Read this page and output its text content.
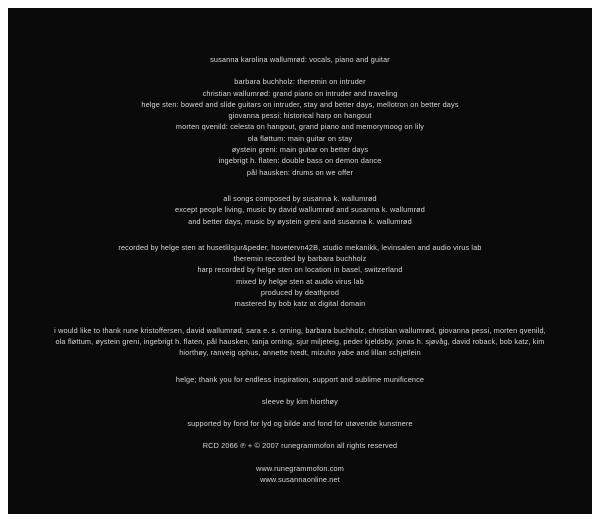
susanna karolina wallumrød: vocals, piano and guitar
barbara buchholz: theremin on intruder
christian wallumrød: grand piano on intruder and traveling
helge sten: bowed and slide guitars on intruder, stay and better days, mellotron on better days
giovanna pessi: historical harp on hangout
morten qvenild: celesta on hangout, grand piano and memorymoog on lily
ola fløttum: main guitar on stay
øystein greni: main guitar on better days
ingebrigt h. flaten: double bass on demon dance
pål hausken: drums on we offer
all songs composed by susanna k. wallumrød
except people living, music by david wallumrød and susanna k. wallumrød
and better days, music by øystein greni and susanna k. wallumrød
recorded by helge sten at husetlilsjur&peder, hovetervn42B, studio mekanikk, levinsalen and audio virus lab
theremin recorded by barbara buchholz
harp recorded by helge sten on location in basel, switzerland
mixed by helge sten at audio virus lab
produced by deathprod
mastered by bob katz at digital domain
i would like to thank rune kristoffersen, david wallumrød, sara e. s. orning, barbara buchholz, christian wallumrød, giovanna pessi, morten qvenild, ola fløttum, øystein greni, ingebrigt h. flaten, pål hausken, tanja orning, sjur miljeteig, peder kjeldsby, jonas h. sjøvåg, david roback, bob katz, kim hiorthøy, ranveig ophus, annette tvedt, mizuho yabe and lillan schjetlein
helge; thank you for endless inspiration, support and sublime munificence
sleeve by kim hiorthøy
supported by fond for lyd og bilde and fond for utøvende kunstnere
RCD 2066 ℗ + © 2007 runegrammofon all rights reserved
www.runegrammofon.com
www.susannaonline.net
